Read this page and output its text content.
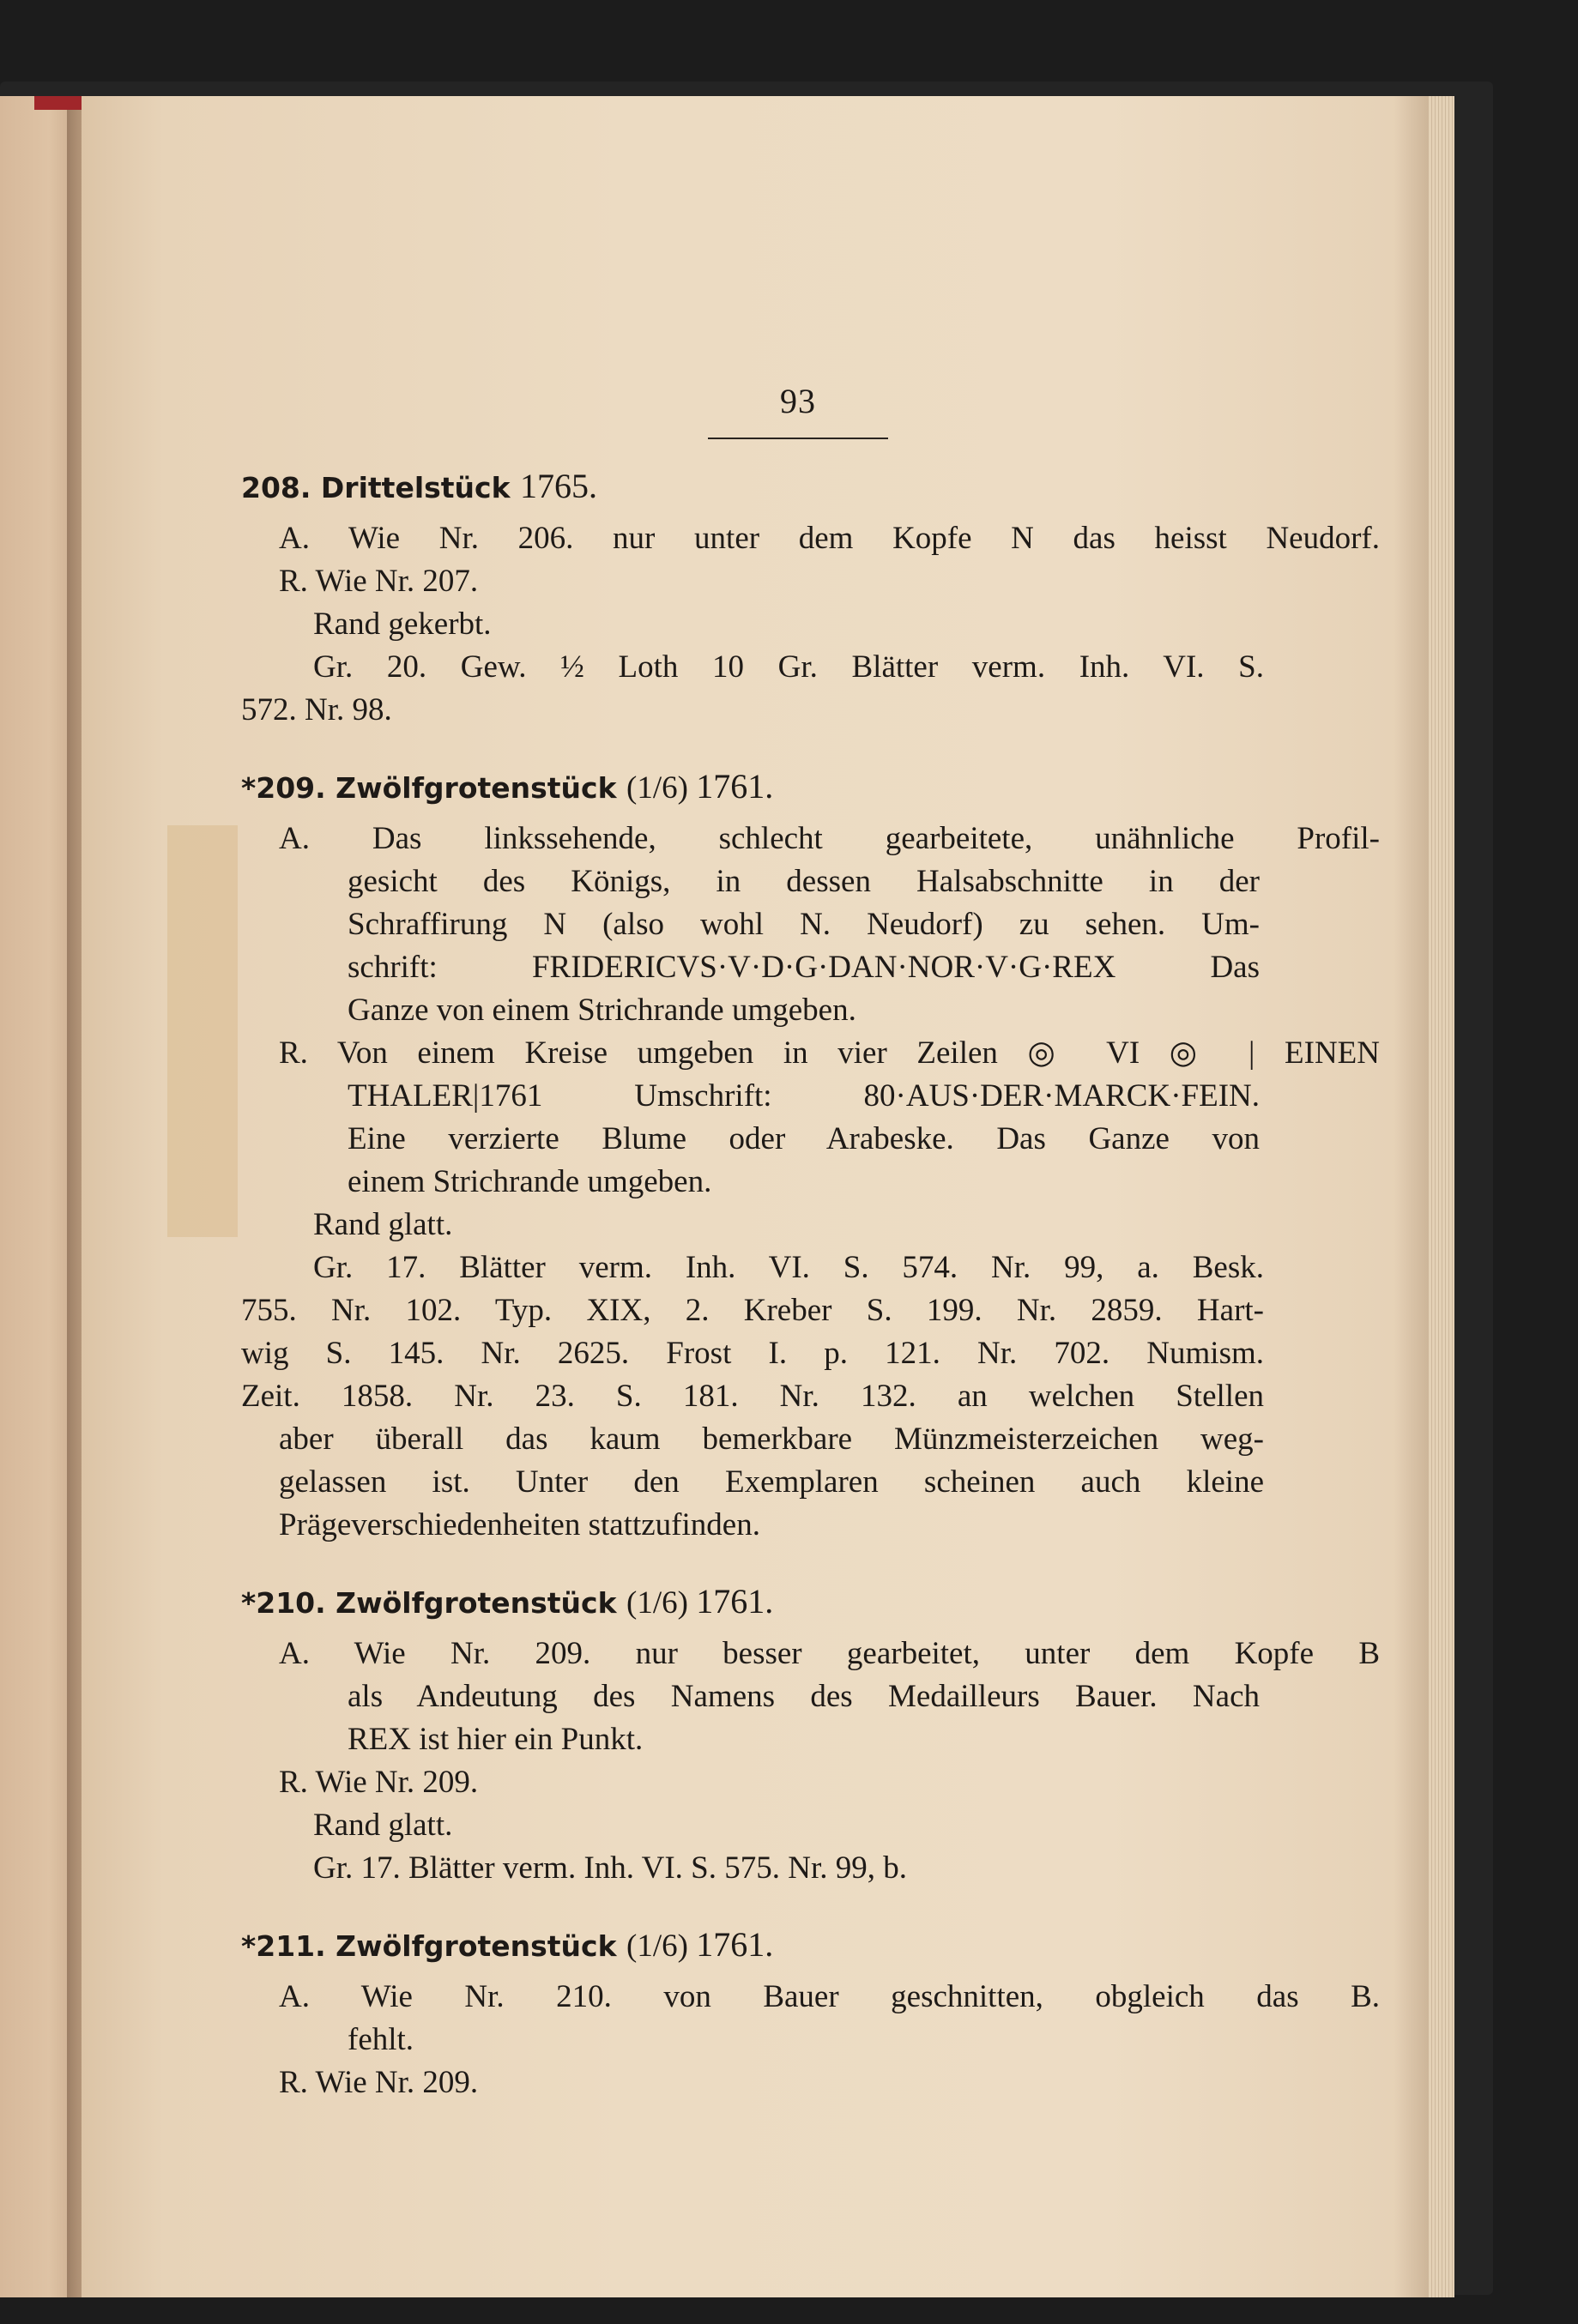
93
208. Drittelstück 1765.
A. Wie Nr. 206. nur unter dem Kopfe N das heisst Neudorf.
R. Wie Nr. 207.
Rand gekerbt.
Gr. 20. Gew. ½ Loth 10 Gr. Blätter verm. Inh. VI. S.
572. Nr. 98.
*209. Zwölfgrotenstück (1/6) 1761.
A. Das linkssehende, schlecht gearbeitete, unähnliche Profil-
gesicht des Königs, in dessen Halsabschnitte in der
Schraffirung N (also wohl N. Neudorf) zu sehen. Um-
schrift: FRIDERICVS·V·D·G·DAN·NOR·V·G·REX Das
Ganze von einem Strichrande umgeben.
R. Von einem Kreise umgeben in vier Zeilen ◎ VI ◎ | EINEN
THALER|1761 Umschrift: 80·AUS·DER·MARCK·FEIN.
Eine verzierte Blume oder Arabeske. Das Ganze von
einem Strichrande umgeben.
Rand glatt.
Gr. 17. Blätter verm. Inh. VI. S. 574. Nr. 99, a. Besk.
755. Nr. 102. Typ. XIX, 2. Kreber S. 199. Nr. 2859. Hart-
wig S. 145. Nr. 2625. Frost I. p. 121. Nr. 702. Numism.
Zeit. 1858. Nr. 23. S. 181. Nr. 132. an welchen Stellen
aber überall das kaum bemerkbare Münzmeisterzeichen weg-
gelassen ist. Unter den Exemplaren scheinen auch kleine
Prägeverschiedenheiten stattzufinden.
*210. Zwölfgrotenstück (1/6) 1761.
A. Wie Nr. 209. nur besser gearbeitet, unter dem Kopfe B
als Andeutung des Namens des Medailleurs Bauer. Nach
REX ist hier ein Punkt.
R. Wie Nr. 209.
Rand glatt.
Gr. 17. Blätter verm. Inh. VI. S. 575. Nr. 99, b.
*211. Zwölfgrotenstück (1/6) 1761.
A. Wie Nr. 210. von Bauer geschnitten, obgleich das B.
fehlt.
R. Wie Nr. 209.
